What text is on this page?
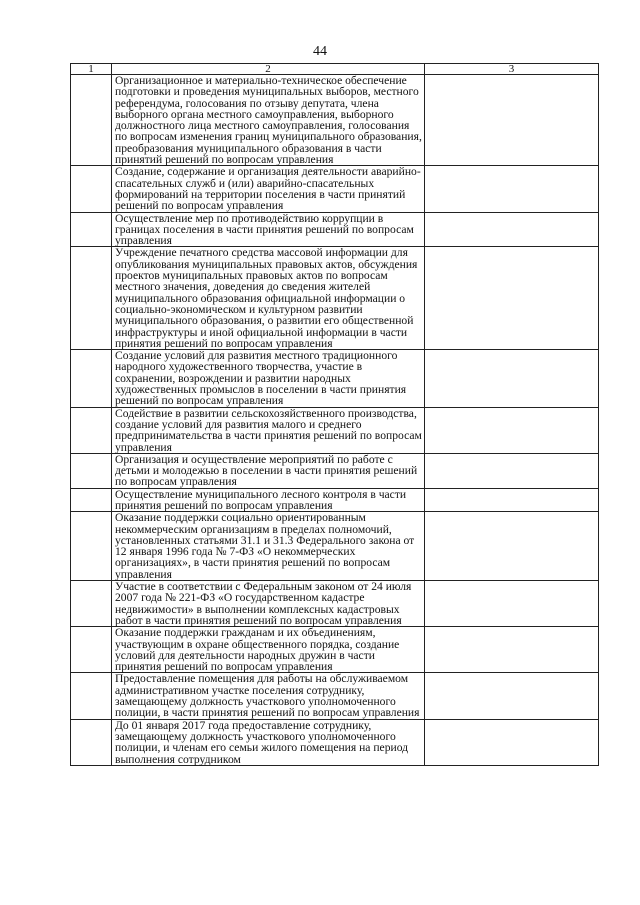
44
1	2	3
	Организационное и материально-техническое обеспечение подготовки и проведения муниципальных выборов, местного референдума, голосования по отзыву депутата, члена выборного органа местного самоуправления, выборного должностного лица местного самоуправления, голосования по вопросам изменения границ муниципального образования, преобразования муниципального образования в части принятий решений по вопросам управления	
	Создание, содержание и организация деятельности аварийно-спасательных служб и (или) аварийно-спасательных формирований на территории поселения в части принятий решений по вопросам управления	
	Осуществление мер по противодействию коррупции в границах поселения в части принятия решений по вопросам управления	
	Учреждение печатного средства массовой информации для опубликования муниципальных правовых актов, обсуждения проектов муниципальных правовых актов по вопросам местного значения, доведения до сведения жителей муниципального образования официальной информации о социально-экономическом и культурном развитии муниципального образования, о развитии его общественной инфраструктуры и иной официальной информации в части принятия решений по вопросам управления	
	Создание условий для развития местного традиционного народного художественного творчества, участие в сохранении, возрождении и развитии народных художественных промыслов в поселении в части принятия решений по вопросам управления	
	Содействие в развитии сельскохозяйственного производства, создание условий для развития малого и среднего предпринимательства в части принятия решений по вопросам управления	
	Организация и осуществление мероприятий по работе с детьми и молодежью в поселении в части принятия решений по вопросам управления	
	Осуществление муниципального лесного контроля в части принятия решений по вопросам управления	
	Оказание поддержки социально ориентированным некоммерческим организациям в пределах полномочий, установленных статьями 31.1 и 31.3 Федерального закона от 12 января 1996 года № 7-ФЗ «О некоммерческих организациях», в части принятия решений по вопросам управления	
	Участие в соответствии с Федеральным законом от 24 июля 2007 года № 221-ФЗ «О государственном кадастре недвижимости» в выполнении комплексных кадастровых работ в части принятия решений по вопросам управления	
	Оказание поддержки гражданам и их объединениям, участвующим в охране общественного порядка, создание условий для деятельности народных дружин в части принятия решений по вопросам управления	
	Предоставление помещения для работы на обслуживаемом административном участке поселения сотруднику, замещающему должность участкового уполномоченного полиции, в части принятия решений по вопросам управления	
	До 01 января 2017 года предоставление сотруднику, замещающему должность участкового уполномоченного полиции, и членам его семьи жилого помещения на период выполнения сотрудником	
